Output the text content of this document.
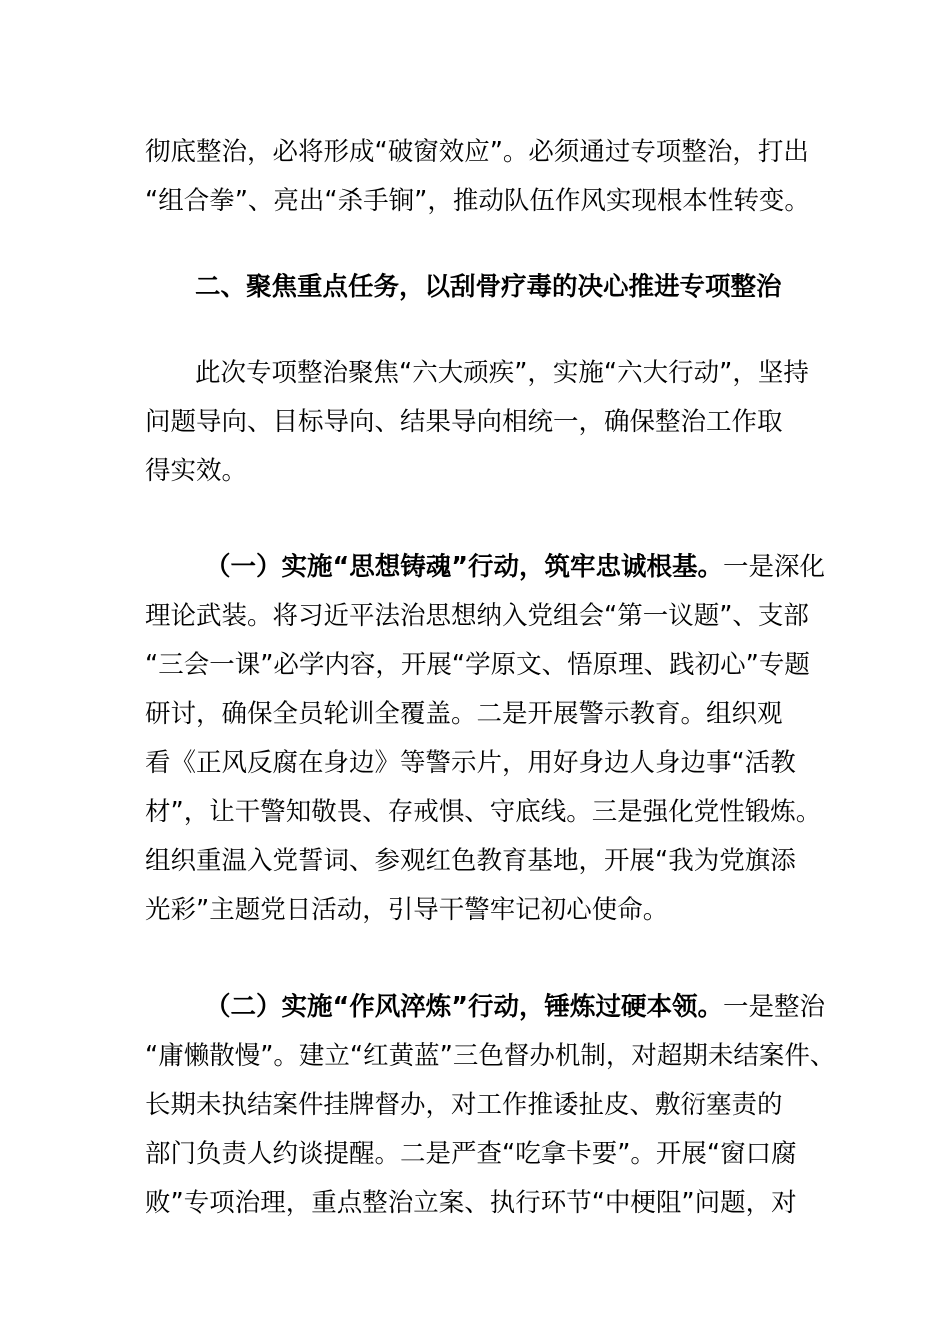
彻底整治，必将形成“破窗效应”。必须通过专项整治，打出
“组合拳”、亮出“杀手锏”，推动队伍作风实现根本性转变。
二、聚焦重点任务，以刮骨疗毒的决心推进专项整治
此次专项整治聚焦“六大顽疾”，实施“六大行动”，坚持
问题导向、目标导向、结果导向相统一，确保整治工作取
得实效。
（一）实施“思想铸魂”行动，筑牢忠诚根基。一是深化
理论武装。将习近平法治思想纳入党组会“第一议题”、支部
“三会一课”必学内容，开展“学原文、悟原理、践初心”专题
研讨，确保全员轮训全覆盖。二是开展警示教育。组织观
看《正风反腐在身边》等警示片，用好身边人身边事“活教
材”，让干警知敬畏、存戒惧、守底线。三是强化党性锻炼。
组织重温入党誓词、参观红色教育基地，开展“我为党旗添
光彩”主题党日活动，引导干警牢记初心使命。
（二）实施“作风淬炼”行动，锤炼过硬本领。一是整治
“庸懒散慢”。建立“红黄蓝”三色督办机制，对超期未结案件、
长期未执结案件挂牌督办，对工作推诿扯皮、敷衍塞责的
部门负责人约谈提醒。二是严查“吃拿卡要”。开展“窗口腐
败”专项治理，重点整治立案、执行环节“中梗阻”问题，对
